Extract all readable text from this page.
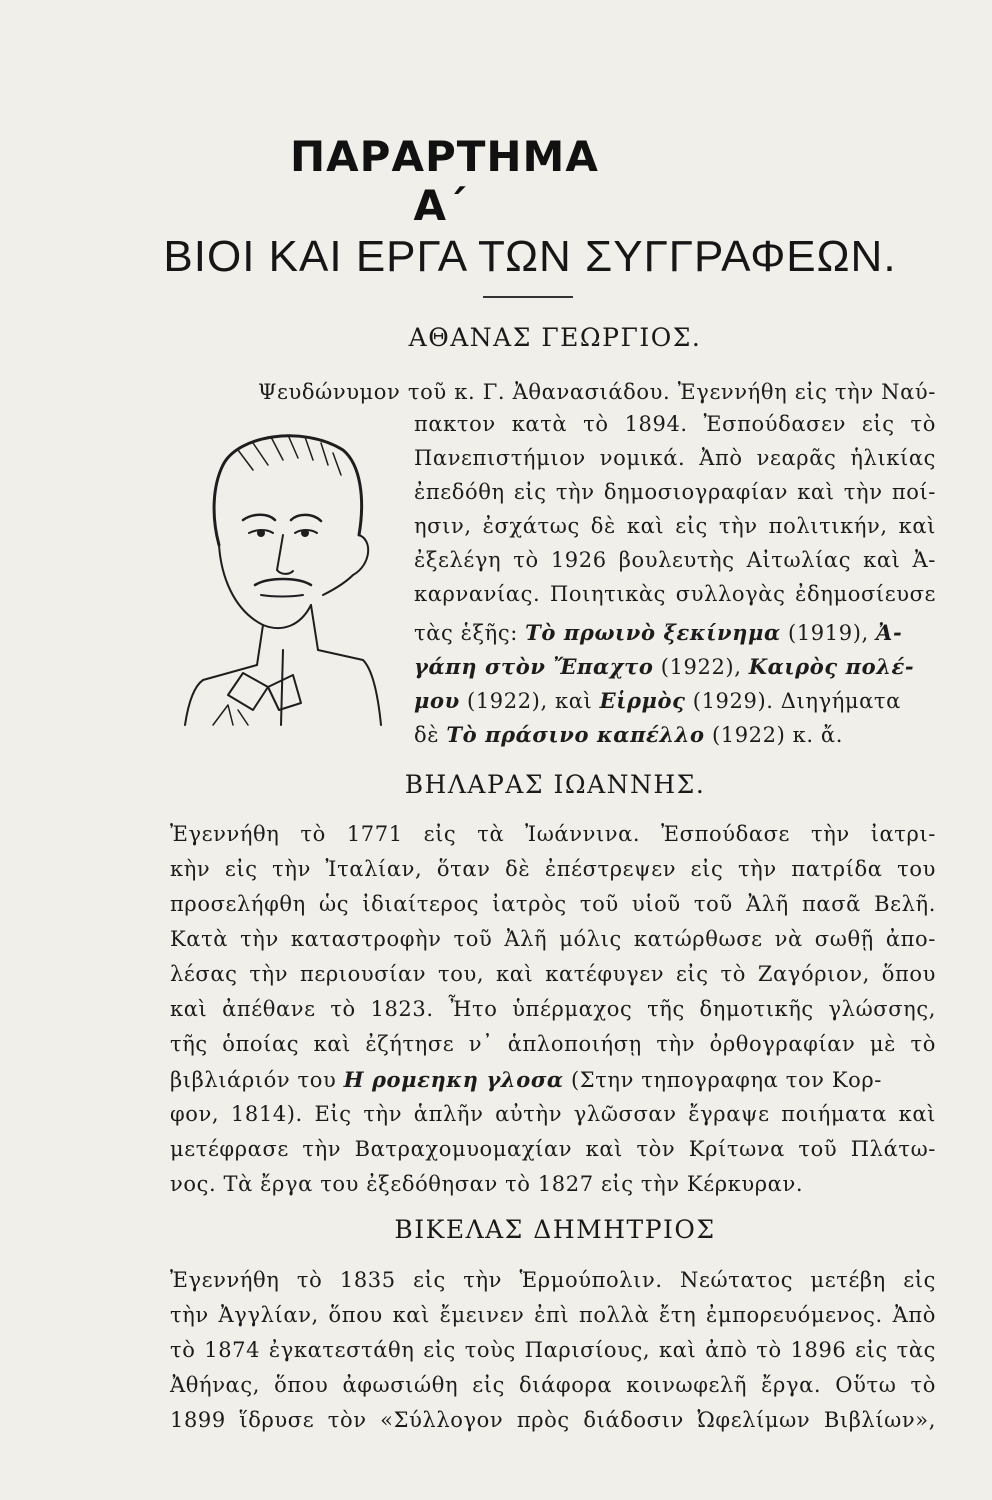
ΠΑΡΑΡΤΗΜΑ Α΄
ΒΙΟΙ ΚΑΙ ΕΡΓΑ ΤΩΝ ΣΥΓΓΡΑΦΕΩΝ.
ΑΘΑΝΑΣ ΓΕΩΡΓΙΟΣ.
Ψευδώνυμον τοῦ κ. Γ. Ἀθανασιάδου. Ἐγεννήθη εἰς τὴν Ναύ-
πακτον κατὰ τὸ 1894. Ἐσπούδασεν εἰς τὸ
Πανεπιστήμιον νομικά. Ἀπὸ νεαρᾶς ἡλικίας
ἐπεδόθη εἰς τὴν δημοσιογραφίαν καὶ τὴν ποί-
ησιν, ἐσχάτως δὲ καὶ εἰς τὴν πολιτικήν, καὶ
ἐξελέγη τὸ 1926 βουλευτὴς Αἰτωλίας καὶ Ἀ-
καρνανίας. Ποιητικὰς συλλογὰς ἐδημοσίευσε
τὰς ἑξῆς: Τὸ πρωινὸ ξεκίνημα (1919), Ἀ-
γάπη στὸν Ἔπαχτο (1922), Καιρὸς πολέ-
μου (1922), καὶ Εἱρμὸς (1929). Διηγήματα
δὲ Τὸ πράσινο καπέλλο (1922) κ. ἄ.
ΒΗΛΑΡΑΣ ΙΩΑΝΝΗΣ.
Ἐγεννήθη τὸ 1771 εἰς τὰ Ἰωάννινα. Ἐσπούδασε τὴν ἰατρι-
κὴν εἰς τὴν Ἰταλίαν, ὅταν δὲ ἐπέστρεψεν εἰς τὴν πατρίδα του
προσελήφθη ὡς ἰδιαίτερος ἰατρὸς τοῦ υἱοῦ τοῦ Ἀλῆ πασᾶ Βελῆ.
Κατὰ τὴν καταστροφὴν τοῦ Ἀλῆ μόλις κατώρθωσε νὰ σωθῇ ἀπο-
λέσας τὴν περιουσίαν του, καὶ κατέφυγεν εἰς τὸ Ζαγόριον, ὅπου
καὶ ἀπέθανε τὸ 1823. Ἦτο ὑπέρμαχος τῆς δημοτικῆς γλώσσης,
τῆς ὁποίας καὶ ἐζήτησε ν᾽ ἁπλοποιήσῃ τὴν ὀρθογραφίαν μὲ τὸ
βιβλιάριόν του Η ρομεηκη γλοσα (Στην τηπογραφηα τον Κορ-
φον, 1814). Εἰς τὴν ἁπλῆν αὐτὴν γλῶσσαν ἔγραψε ποιήματα καὶ
μετέφρασε τὴν Βατραχομυομαχίαν καὶ τὸν Κρίτωνα τοῦ Πλάτω-
νος. Τὰ ἔργα του ἐξεδόθησαν τὸ 1827 εἰς τὴν Κέρκυραν.
ΒΙΚΕΛΑΣ ΔΗΜΗΤΡΙΟΣ
Ἐγεννήθη τὸ 1835 εἰς τὴν Ἑρμούπολιν. Νεώτατος μετέβη εἰς
τὴν Ἀγγλίαν, ὅπου καὶ ἔμεινεν ἐπὶ πολλὰ ἔτη ἐμπορευόμενος. Ἀπὸ
τὸ 1874 ἐγκατεστάθη εἰς τοὺς Παρισίους, καὶ ἀπὸ τὸ 1896 εἰς τὰς
Ἀθήνας, ὅπου ἀφωσιώθη εἰς διάφορα κοινωφελῆ ἔργα. Οὕτω τὸ
1899 ἵδρυσε τὸν «Σύλλογον πρὸς διάδοσιν Ὠφελίμων Βιβλίων»,
